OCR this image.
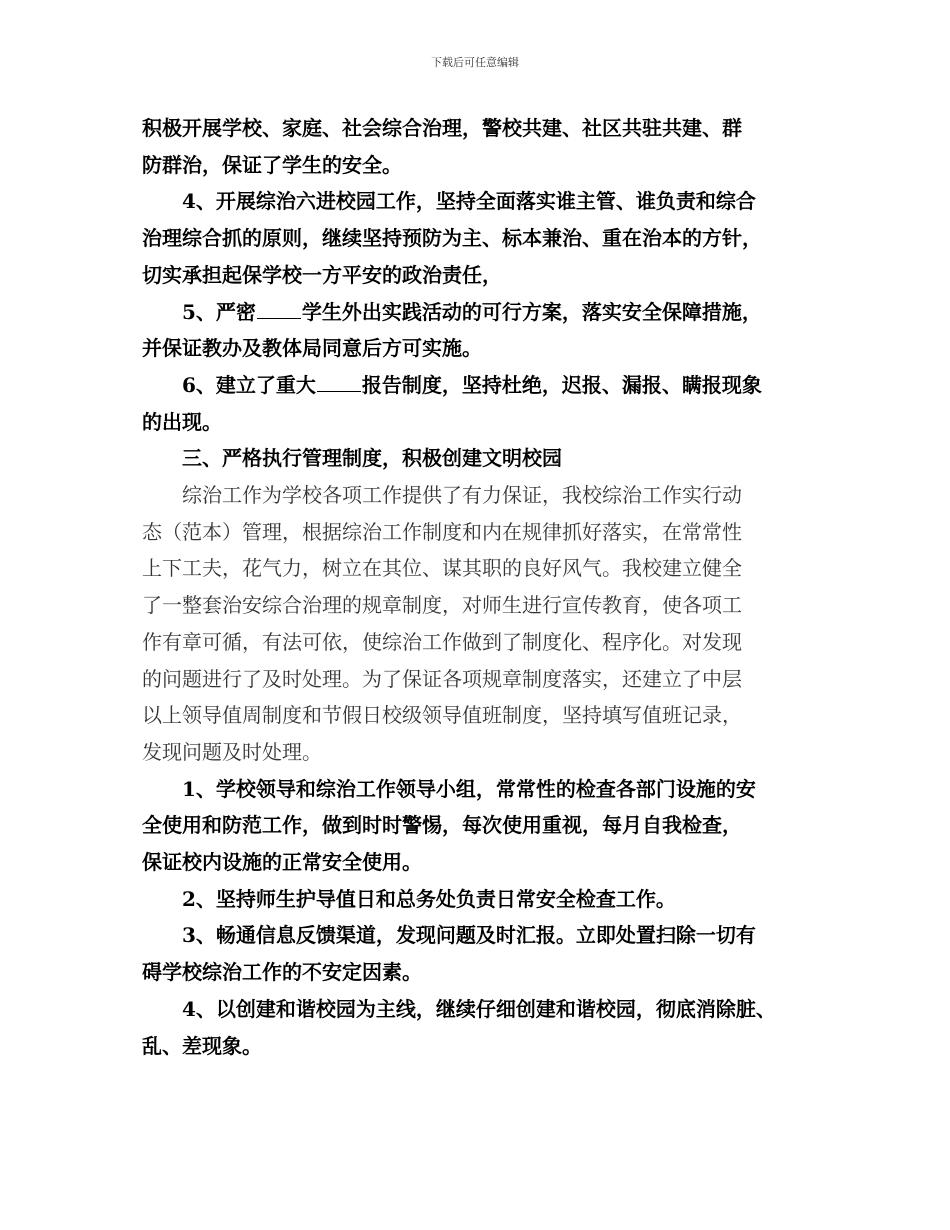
下载后可任意编辑

积极开展学校、家庭、社会综合治理，警校共建、社区共驻共建、群
防群治，保证了学生的安全。

4、开展综治六进校园工作，坚持全面落实谁主管、谁负责和综合
治理综合抓的原则，继续坚持预防为主、标本兼治、重在治本的方针，
切实承担起保学校一方平安的政治责任，

5、严密 学生外出实践活动的可行方案，落实安全保障措施，
并保证教办及教体局同意后方可实施。

6、建立了重大 报告制度，坚持杜绝，迟报、漏报、瞒报现象
的出现。

三、严格执行管理制度，积极创建文明校园

综治工作为学校各项工作提供了有力保证，我校综治工作实行动
态（范本）管理，根据综治工作制度和内在规律抓好落实，在常常性
上下工夫，花气力，树立在其位、谋其职的良好风气。我校建立健全
了一整套治安综合治理的规章制度，对师生进行宣传教育，使各项工
作有章可循，有法可依，使综治工作做到了制度化、程序化。对发现
的问题进行了及时处理。为了保证各项规章制度落实，还建立了中层
以上领导值周制度和节假日校级领导值班制度，坚持填写值班记录，
发现问题及时处理。

1、学校领导和综治工作领导小组，常常性的检查各部门设施的安
全使用和防范工作，做到时时警惕，每次使用重视，每月自我检查，
保证校内设施的正常安全使用。

2、坚持师生护导值日和总务处负责日常安全检查工作。

3、畅通信息反馈渠道，发现问题及时汇报。立即处置扫除一切有
碍学校综治工作的不安定因素。

4、以创建和谐校园为主线，继续仔细创建和谐校园，彻底消除脏、
乱、差现象。
